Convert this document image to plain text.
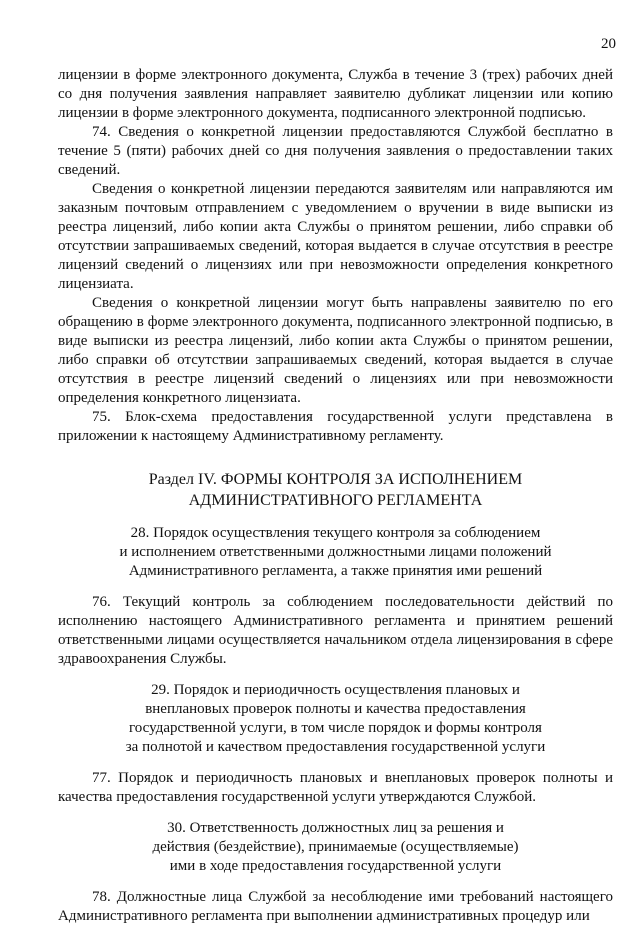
20

лицензии в форме электронного документа, Служба в течение 3 (трех) рабочих дней со дня получения заявления направляет заявителю дубликат лицензии или копию лицензии в форме электронного документа, подписанного электронной подписью.

74. Сведения о конкретной лицензии предоставляются Службой бесплатно в течение 5 (пяти) рабочих дней со дня получения заявления о предоставлении таких сведений.

Сведения о конкретной лицензии передаются заявителям или направляются им заказным почтовым отправлением с уведомлением о вручении в виде выписки из реестра лицензий, либо копии акта Службы о принятом решении, либо справки об отсутствии запрашиваемых сведений, которая выдается в случае отсутствия в реестре лицензий сведений о лицензиях или при невозможности определения конкретного лицензиата.

Сведения о конкретной лицензии могут быть направлены заявителю по его обращению в форме электронного документа, подписанного электронной подписью, в виде выписки из реестра лицензий, либо копии акта Службы о принятом решении, либо справки об отсутствии запрашиваемых сведений, которая выдается в случае отсутствия в реестре лицензий сведений о лицензиях или при невозможности определения конкретного лицензиата.

75. Блок-схема предоставления государственной услуги представлена в приложении к настоящему Административному регламенту.

Раздел IV. ФОРМЫ КОНТРОЛЯ ЗА ИСПОЛНЕНИЕМ
АДМИНИСТРАТИВНОГО РЕГЛАМЕНТА
28. Порядок осуществления текущего контроля за соблюдением
и исполнением ответственными должностными лицами положений
Административного регламента, а также принятия ими решений

76. Текущий контроль за соблюдением последовательности действий по исполнению настоящего Административного регламента и принятием решений ответственными лицами осуществляется начальником отдела лицензирования в сфере здравоохранения Службы.

29. Порядок и периодичность осуществления плановых и
внеплановых проверок полноты и качества предоставления
государственной услуги, в том числе порядок и формы контроля
за полнотой и качеством предоставления государственной услуги

77. Порядок и периодичность плановых и внеплановых проверок полноты и качества предоставления государственной услуги утверждаются Службой.

30. Ответственность должностных лиц за решения и
действия (бездействие), принимаемые (осуществляемые)
ими в ходе предоставления государственной услуги

78. Должностные лица Службой за несоблюдение ими требований настоящего Административного регламента при выполнении административных процедур или
